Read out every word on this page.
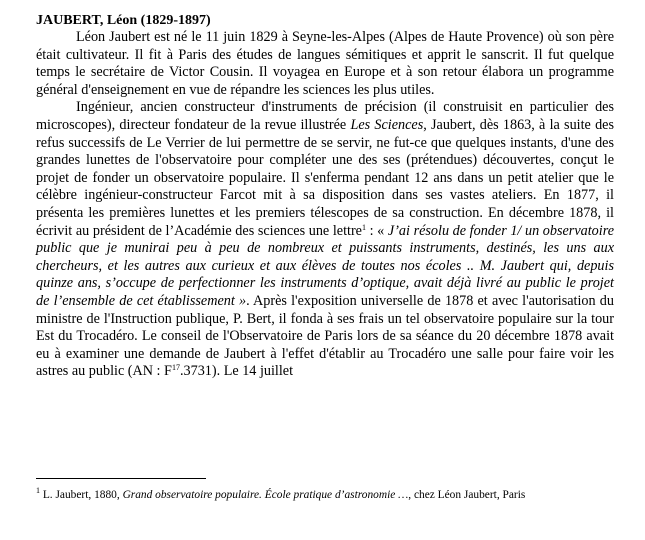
JAUBERT, Léon (1829-1897)

Léon Jaubert est né le 11 juin 1829 à Seyne-les-Alpes (Alpes de Haute Provence) où son père était cultivateur. Il fit à Paris des études de langues sémitiques et apprit le sanscrit. Il fut quelque temps le secrétaire de Victor Cousin. Il voyagea en Europe et à son retour élabora un programme général d'enseignement en vue de répandre les sciences les plus utiles.

Ingénieur, ancien constructeur d'instruments de précision (il construisit en particulier des microscopes), directeur fondateur de la revue illustrée Les Sciences, Jaubert, dès 1863, à la suite des refus successifs de Le Verrier de lui permettre de se servir, ne fut-ce que quelques instants, d'une des grandes lunettes de l'observatoire pour compléter une des ses (prétendues) découvertes, conçut le projet de fonder un observatoire populaire. Il s'enferma pendant 12 ans dans un petit atelier que le célèbre ingénieur-constructeur Farcot mit à sa disposition dans ses vastes ateliers. En 1877, il présenta les premières lunettes et les premiers télescopes de sa construction. En décembre 1878, il écrivit au président de l’Académie des sciences une lettre$^1$ : « J’ai résolu de fonder 1/ un observatoire public que je munirai peu à peu de nombreux et puissants instruments, destinés, les uns aux chercheurs, et les autres aux curieux et aux élèves de toutes nos écoles .. M. Jaubert qui, depuis quinze ans, s’occupe de perfectionner les instruments d’optique, avait déjà livré au public le projet de l’ensemble de cet établissement ». Après l'exposition universelle de 1878 et avec l'autorisation du ministre de l'Instruction publique, P. Bert, il fonda à ses frais un tel observatoire populaire sur la tour Est du Trocadéro. Le conseil de l'Observatoire de Paris lors de sa séance du 20 décembre 1878 avait eu à examiner une demande de Jaubert à l'effet d'établir au Trocadéro une salle pour faire voir les astres au public (AN : $F^{17}.3731$). Le 14 juillet

$^1$ L. Jaubert, 1880, Grand observatoire populaire. École pratique d’astronomie …, chez Léon Jaubert, Paris
